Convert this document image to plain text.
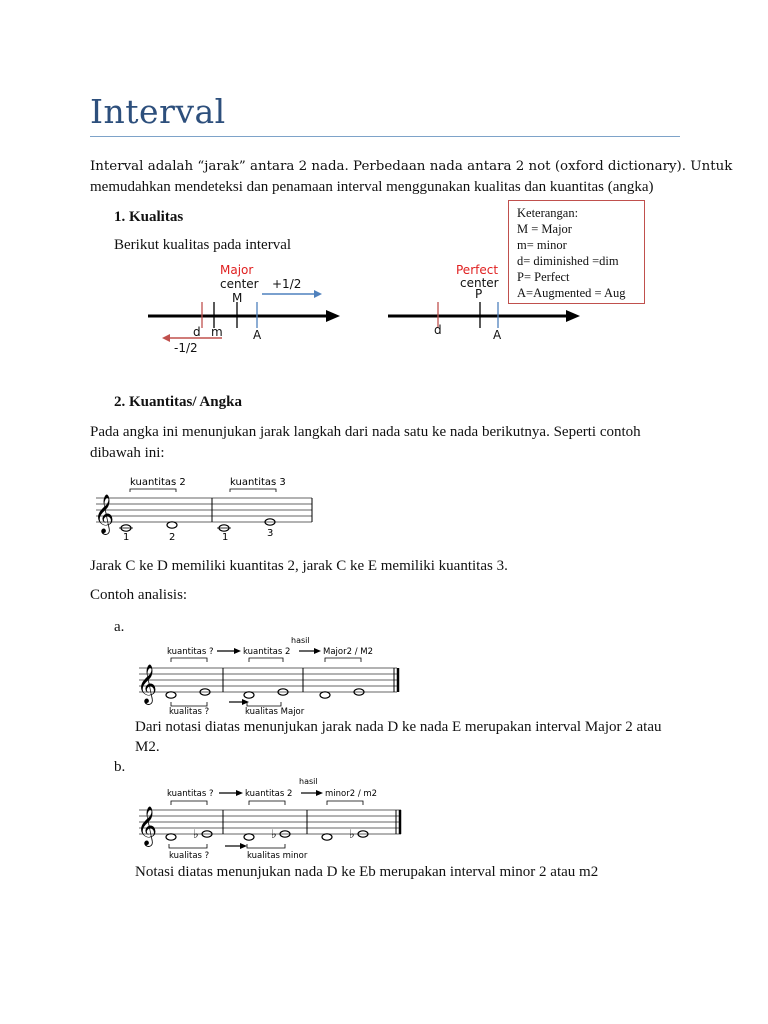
Interval
Interval adalah “jarak” antara 2 nada. Perbedaan nada antara 2 not (oxford dictionary). Untuk
memudahkan mendeteksi dan penamaan interval menggunakan kualitas dan kuantitas (angka)
1. Kualitas
Berikut kualitas pada interval
Keterangan:
M = Major
m= minor
d= diminished =dim
P= Perfect
A=Augmented = Aug
Major
center
M
+1/2
d m	A
-1/2
Perfect
center
P
d	A
2. Kuantitas/ Angka
Pada angka ini menunjukan jarak langkah dari nada satu ke nada berikutnya. Seperti contoh
dibawah ini:
kuantitas 2	kuantitas 3
𝄞
1	2	1	3
Jarak C ke D memiliki kuantitas 2, jarak C ke E memiliki kuantitas 3.
Contoh analisis:
a.
hasil
kuantitas ?	kuantitas 2	Major2 / M2
𝄞
kualitas ?	kualitas Major
Dari notasi diatas menunjukan jarak nada D ke nada E merupakan interval Major 2 atau
M2.
b.
hasil
kuantitas ?	kuantitas 2	minor2 / m2
𝄞	♭	♭	♭
kualitas ?	kualitas minor
Notasi diatas menunjukan nada D ke Eb merupakan interval minor 2 atau m2
